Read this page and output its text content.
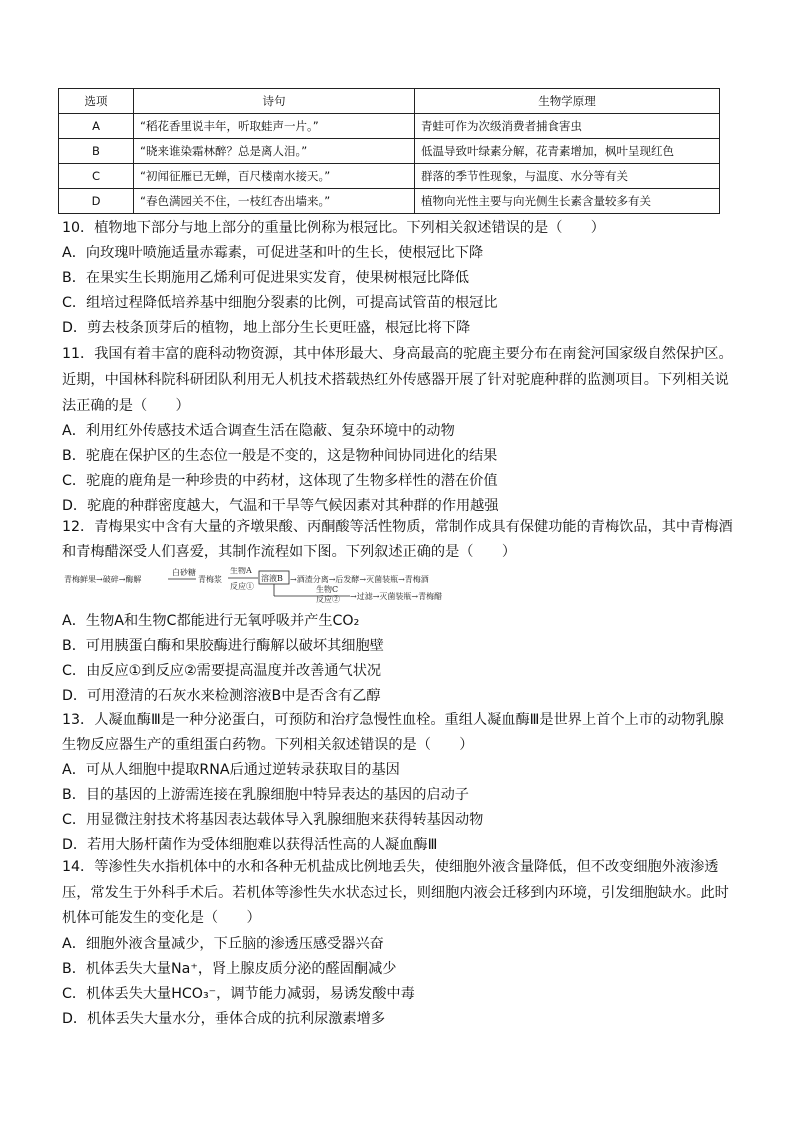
选项	诗句	生物学原理
A	“稻花香里说丰年，听取蛙声一片。”	青蛙可作为次级消费者捕食害虫
B	“晓来谁染霜林醉？总是离人泪。”	低温导致叶绿素分解，花青素增加，枫叶呈现红色
C	“初闻征雁已无蝉，百尺楼南水接天。”	群落的季节性现象，与温度、水分等有关
D	“春色满园关不住，一枝红杏出墙来。”	植物向光性主要与向光侧生长素含量较多有关
10．植物地下部分与地上部分的重量比例称为根冠比。下列相关叙述错误的是（　　）
A．向玫瑰叶喷施适量赤霉素，可促进茎和叶的生长，使根冠比下降
B．在果实生长期施用乙烯利可促进果实发育，使果树根冠比降低
C．组培过程降低培养基中细胞分裂素的比例，可提高试管苗的根冠比
D．剪去枝条顶芽后的植物，地上部分生长更旺盛，根冠比将下降
11．我国有着丰富的鹿科动物资源，其中体形最大、身高最高的驼鹿主要分布在南瓮河国家级自然保护区。近期，中国林科院科研团队利用无人机技术搭载热红外传感器开展了针对驼鹿种群的监测项目。下列相关说法正确的是（　　）
A．利用红外传感技术适合调查生活在隐蔽、复杂环境中的动物
B．驼鹿在保护区的生态位一般是不变的，这是物种间协同进化的结果
C．驼鹿的鹿角是一种珍贵的中药材，这体现了生物多样性的潜在价值
D．驼鹿的种群密度越大，气温和干旱等气候因素对其种群的作用越强
12．青梅果实中含有大量的齐墩果酸、丙酮酸等活性物质，常制作成具有保健功能的青梅饮品，其中青梅酒和青梅醋深受人们喜爱，其制作流程如下图。下列叙述正确的是（　　）
青梅鲜果→破碎→酶解
白砂糖
青梅浆
生物A
反应①
溶液B →酒渣分离→后发酵→灭菌装瓶→青梅酒
生物C
反应② →过滤→灭菌装瓶→青梅醋
A．生物A和生物C都能进行无氧呼吸并产生CO₂
B．可用胰蛋白酶和果胶酶进行酶解以破坏其细胞壁
C．由反应①到反应②需要提高温度并改善通气状况
D．可用澄清的石灰水来检测溶液B中是否含有乙醇
13．人凝血酶Ⅲ是一种分泌蛋白，可预防和治疗急慢性血栓。重组人凝血酶Ⅲ是世界上首个上市的动物乳腺生物反应器生产的重组蛋白药物。下列相关叙述错误的是（　　）
A．可从人细胞中提取RNA后通过逆转录获取目的基因
B．目的基因的上游需连接在乳腺细胞中特异表达的基因的启动子
C．用显微注射技术将基因表达载体导入乳腺细胞来获得转基因动物
D．若用大肠杆菌作为受体细胞难以获得活性高的人凝血酶Ⅲ
14．等渗性失水指机体中的水和各种无机盐成比例地丢失，使细胞外液含量降低，但不改变细胞外液渗透压，常发生于外科手术后。若机体等渗性失水状态过长，则细胞内液会迁移到内环境，引发细胞缺水。此时机体可能发生的变化是（　　）
A．细胞外液含量减少，下丘脑的渗透压感受器兴奋
B．机体丢失大量Na⁺，肾上腺皮质分泌的醛固酮减少
C．机体丢失大量HCO₃⁻，调节能力减弱，易诱发酸中毒
D．机体丢失大量水分，垂体合成的抗利尿激素增多
